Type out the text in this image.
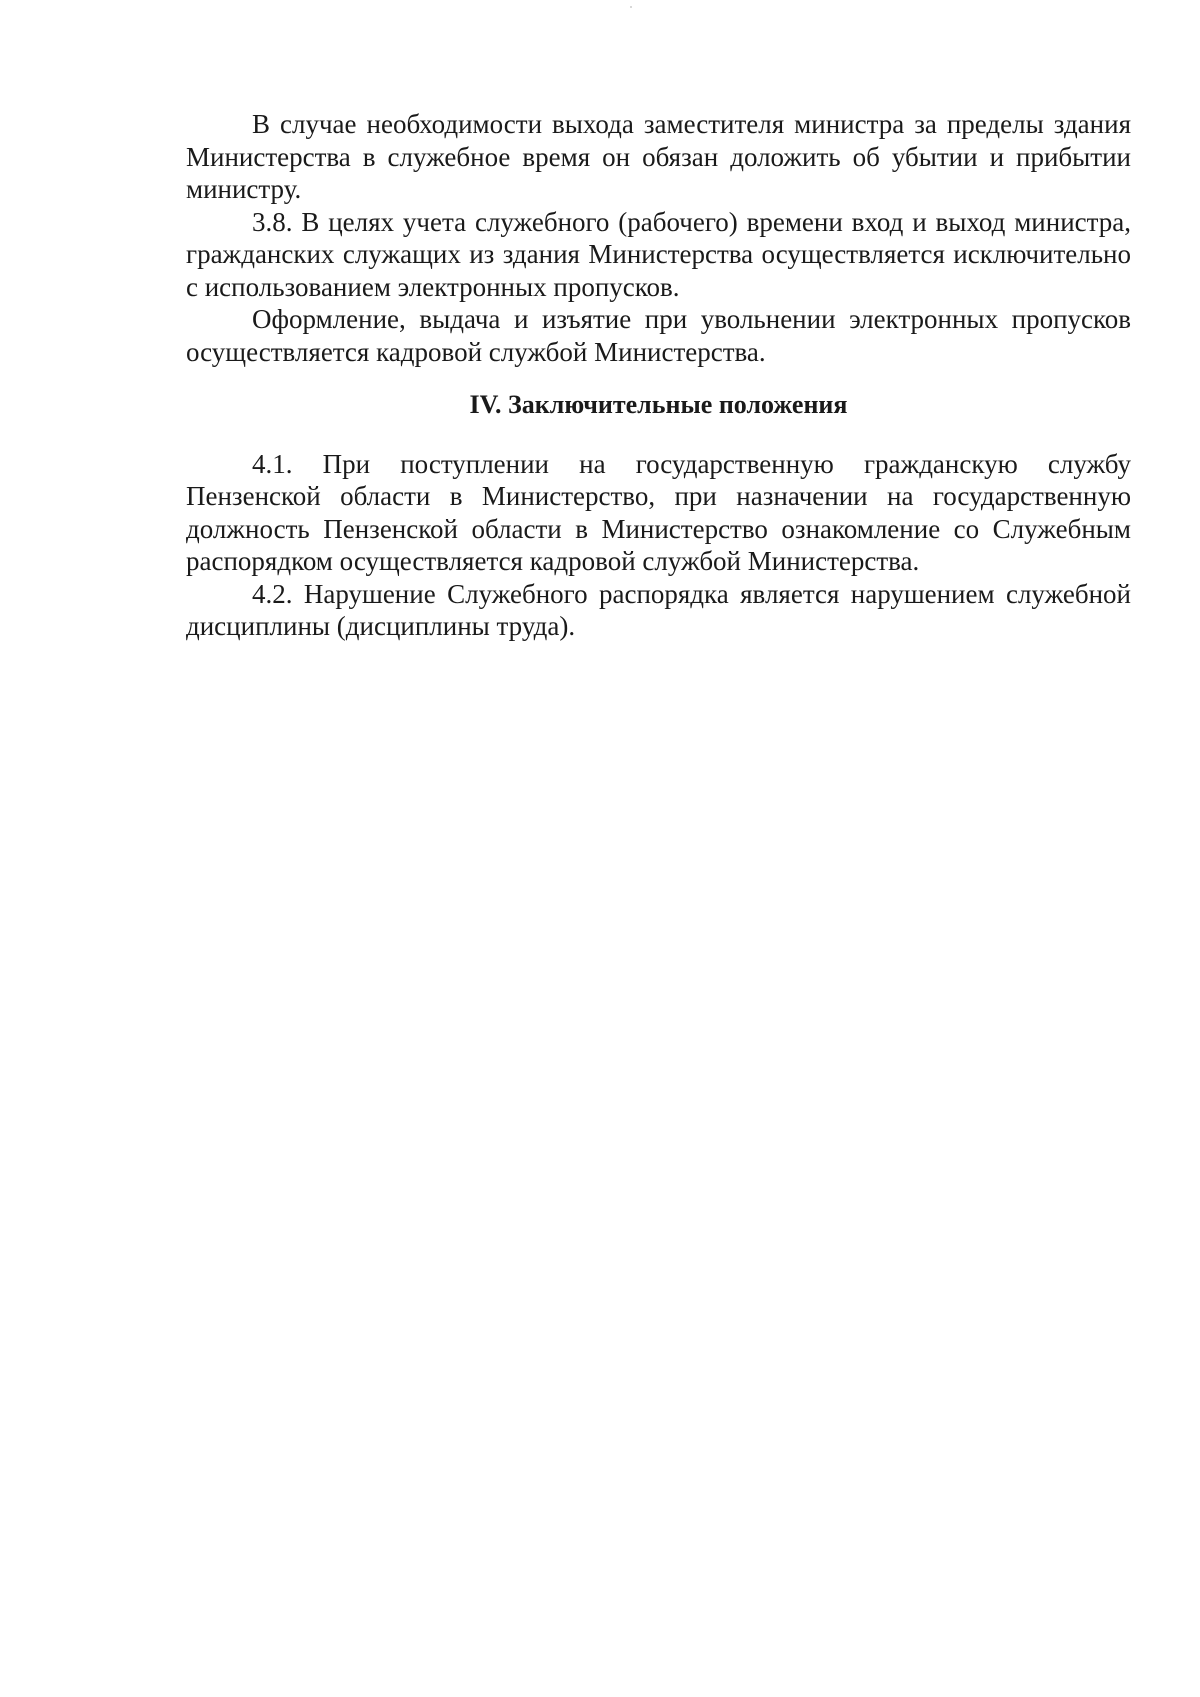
В случае необходимости выхода заместителя министра за пределы здания Министерства в служебное время он обязан доложить об убытии и прибытии министру.

3.8. В целях учета служебного (рабочего) времени вход и выход министра, гражданских служащих из здания Министерства осуществляется исключительно с использованием электронных пропусков.

Оформление, выдача и изъятие при увольнении электронных пропусков осуществляется кадровой службой Министерства.

IV. Заключительные положения

4.1. При поступлении на государственную гражданскую службу Пензенской области в Министерство, при назначении на государственную должность Пензенской области в Министерство ознакомление со Служебным распорядком осуществляется кадровой службой Министерства.

4.2. Нарушение Служебного распорядка является нарушением служебной дисциплины (дисциплины труда).
